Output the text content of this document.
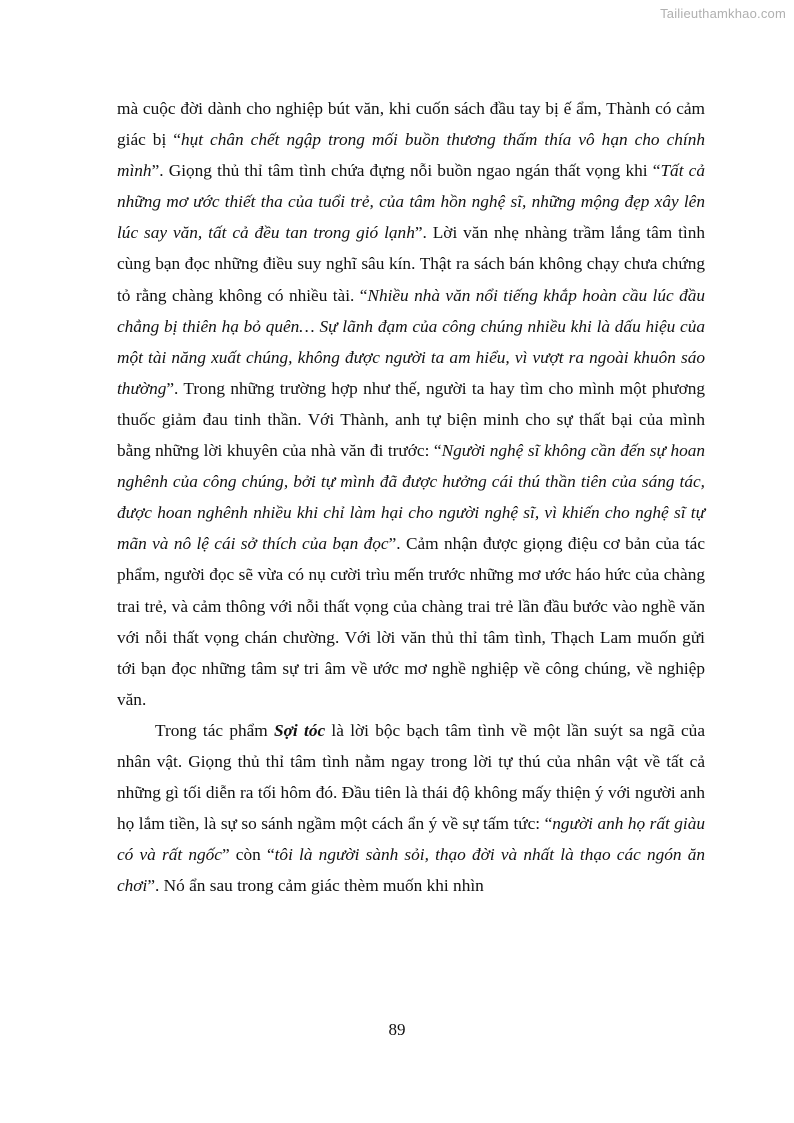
Tailieuthamkhao.com

mà cuộc đời dành cho nghiệp bút văn, khi cuốn sách đầu tay bị ế ẩm, Thành có cảm giác bị “hụt chân chết ngập trong mối buồn thương thấm thía vô hạn cho chính mình”. Giọng thủ thỉ tâm tình chứa đựng nỗi buồn ngao ngán thất vọng khi “Tất cả những mơ ước thiết tha của tuổi trẻ, của tâm hồn nghệ sĩ, những mộng đẹp xây lên lúc say văn, tất cả đều tan trong gió lạnh”. Lời văn nhẹ nhàng trầm lắng tâm tình cùng bạn đọc những điều suy nghĩ sâu kín. Thật ra sách bán không chạy chưa chứng tỏ rằng chàng không có nhiều tài. “Nhiều nhà văn nổi tiếng khắp hoàn cầu lúc đầu chẳng bị thiên hạ bỏ quên… Sự lãnh đạm của công chúng nhiều khi là dấu hiệu của một tài năng xuất chúng, không được người ta am hiểu, vì vượt ra ngoài khuôn sáo thường”. Trong những trường hợp như thế, người ta hay tìm cho mình một phương thuốc giảm đau tinh thần. Với Thành, anh tự biện minh cho sự thất bại của mình bằng những lời khuyên của nhà văn đi trước: “Người nghệ sĩ không cần đến sự hoan nghênh của công chúng, bởi tự mình đã được hưởng cái thú thần tiên của sáng tác, được hoan nghênh nhiều khi chỉ làm hại cho người nghệ sĩ, vì khiến cho nghệ sĩ tự mãn và nô lệ cái sở thích của bạn đọc”. Cảm nhận được giọng điệu cơ bản của tác phẩm, người đọc sẽ vừa có nụ cười trìu mến trước những mơ ước háo hức của chàng trai trẻ, và cảm thông với nỗi thất vọng của chàng trai trẻ lần đầu bước vào nghề văn với nỗi thất vọng chán chường. Với lời văn thủ thỉ tâm tình, Thạch Lam muốn gửi tới bạn đọc những tâm sự tri âm về ước mơ nghề nghiệp về công chúng, về nghiệp văn.

Trong tác phẩm Sợi tóc là lời bộc bạch tâm tình về một lần suýt sa ngã của nhân vật. Giọng thủ thỉ tâm tình nằm ngay trong lời tự thú của nhân vật về tất cả những gì tối diễn ra tối hôm đó. Đầu tiên là thái độ không mấy thiện ý với người anh họ lắm tiền, là sự so sánh ngầm một cách ẩn ý về sự tấm tức: “người anh họ rất giàu có và rất ngốc” còn “tôi là người sành sỏi, thạo đời và nhất là thạo các ngón ăn chơi”. Nó ẩn sau trong cảm giác thèm muốn khi nhìn

89
